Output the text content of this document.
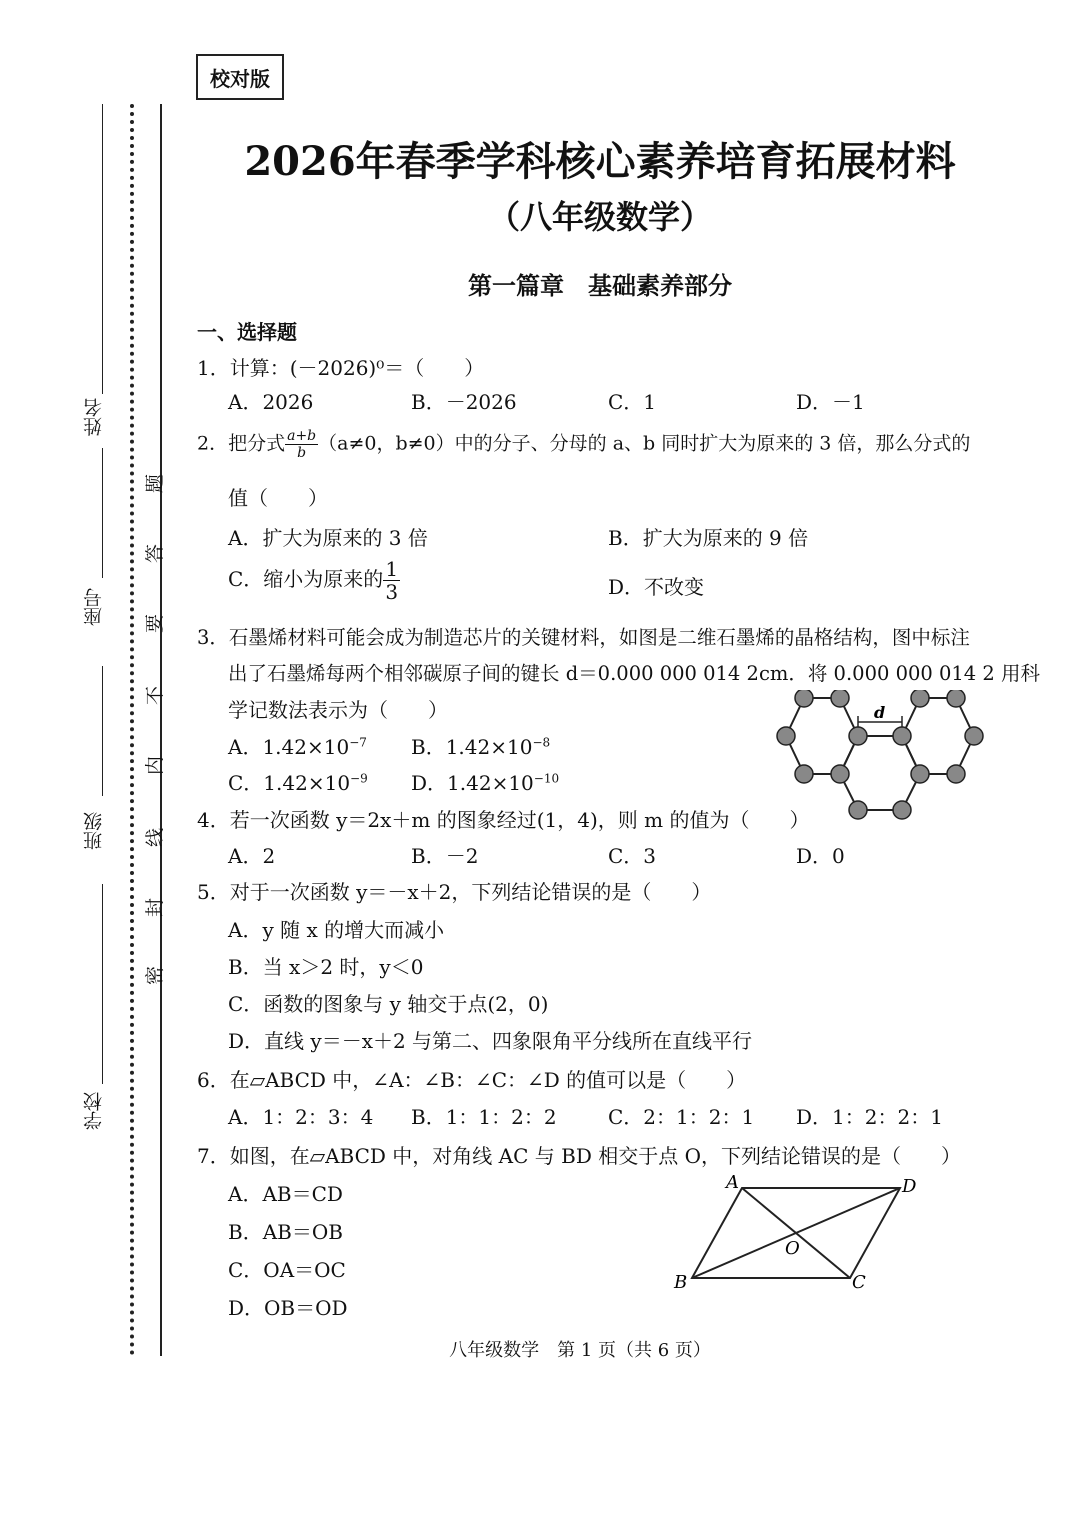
姓名
座号
班级
学校
密
封
线
内
不
要
答
题
校对版
2026年春季学科核心素养培育拓展材料
（八年级数学）
第一篇章　基础素养部分
一、选择题
1．计算：(－2026)⁰＝（　　）
A．2026	B．－2026	C．1	D．－1
2．把分式 $\frac{a+b}{b} (a\ne 0$，b≠0）中的分子、分母的 a、b 同时扩大为原来的 3 倍，那么分式的
值（　　）
A．扩大为原来的 3 倍	B．扩大为原来的 9 倍
C．缩小为原来的 $\frac{1}{3}$	D．不改变
3．石墨烯材料可能会成为制造芯片的关键材料，如图是二维石墨烯的晶格结构，图中标注
出了石墨烯每两个相邻碳原子间的键长 d＝0.000 000 014 2cm．将 0.000 000 014 2 用科
学记数法表示为（　　）
A．$1.42\times 10^{-7}$ B．$1.42\times 10^{-8}$
C．$1.42\times 10^{-9}$ D．$1.42\times 10^{-10}$
d
4．若一次函数 y＝2x＋m 的图象经过(1，4)，则 m 的值为（　　）
A．2	B．－2	C．3	D．0
5．对于一次函数 y＝－x＋2，下列结论错误的是（　　）
A．y 随 x 的增大而减小
B．当 x＞2 时，y＜0
C．函数的图象与 y 轴交于点(2，0)
D．直线 y＝－x＋2 与第二、四象限角平分线所在直线平行
6．在▱ABCD 中，∠A：∠B：∠C：∠D 的值可以是（　　）
A．1：2：3：4 B．1：1：2：2	C．2：1：2：1 D．1：2：2：1
7．如图，在▱ABCD 中，对角线 AC 与 BD 相交于点 O，下列结论错误的是（　　）
A．AB＝CD
B．AB＝OB
C．OA＝OC
D．OB＝OD
A
B	C
D
O
八年级数学　第 1 页（共 6 页）
